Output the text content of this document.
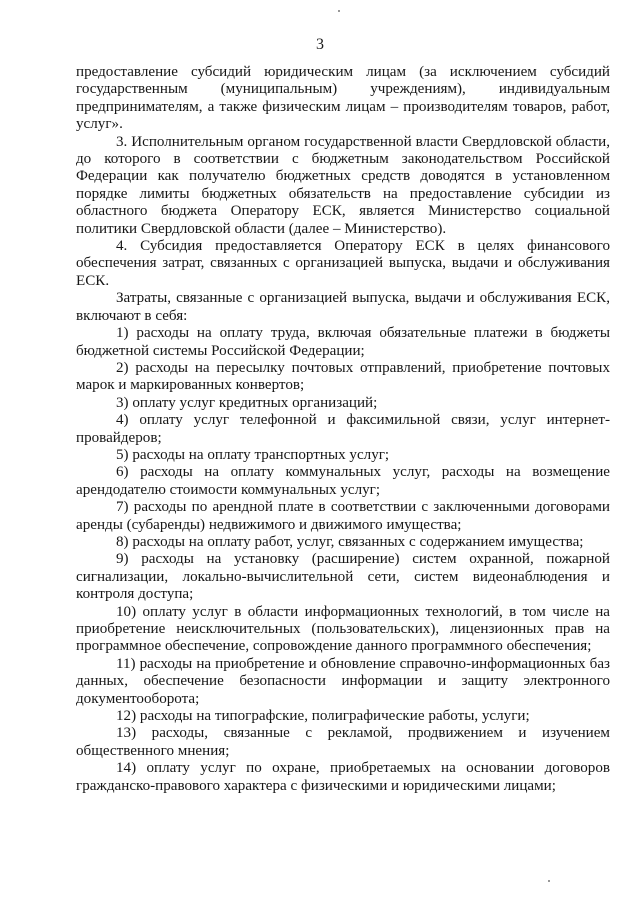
3

предоставление субсидий юридическим лицам (за исключением субсидий государственным (муниципальным) учреждениям), индивидуальным предпринимателям, а также физическим лицам – производителям товаров, работ, услуг».

3. Исполнительным органом государственной власти Свердловской области, до которого в соответствии с бюджетным законодательством Российской Федерации как получателю бюджетных средств доводятся в установленном порядке лимиты бюджетных обязательств на предоставление субсидии из областного бюджета Оператору ЕСК, является Министерство социальной политики Свердловской области (далее – Министерство).

4. Субсидия предоставляется Оператору ЕСК в целях финансового обеспечения затрат, связанных с организацией выпуска, выдачи и обслуживания ЕСК.

Затраты, связанные с организацией выпуска, выдачи и обслуживания ЕСК, включают в себя:

1) расходы на оплату труда, включая обязательные платежи в бюджеты бюджетной системы Российской Федерации;

2) расходы на пересылку почтовых отправлений, приобретение почтовых марок и маркированных конвертов;

3) оплату услуг кредитных организаций;

4) оплату услуг телефонной и факсимильной связи, услуг интернет-провайдеров;

5) расходы на оплату транспортных услуг;

6) расходы на оплату коммунальных услуг, расходы на возмещение арендодателю стоимости коммунальных услуг;

7) расходы по арендной плате в соответствии с заключенными договорами аренды (субаренды) недвижимого и движимого имущества;

8) расходы на оплату работ, услуг, связанных с содержанием имущества;

9) расходы на установку (расширение) систем охранной, пожарной сигнализации, локально-вычислительной сети, систем видеонаблюдения и контроля доступа;

10) оплату услуг в области информационных технологий, в том числе на приобретение неисключительных (пользовательских), лицензионных прав на программное обеспечение, сопровождение данного программного обеспечения;

11) расходы на приобретение и обновление справочно-информационных баз данных, обеспечение безопасности информации и защиту электронного документооборота;

12) расходы на типографские, полиграфические работы, услуги;

13) расходы, связанные с рекламой, продвижением и изучением общественного мнения;

14) оплату услуг по охране, приобретаемых на основании договоров гражданско-правового характера с физическими и юридическими лицами;
